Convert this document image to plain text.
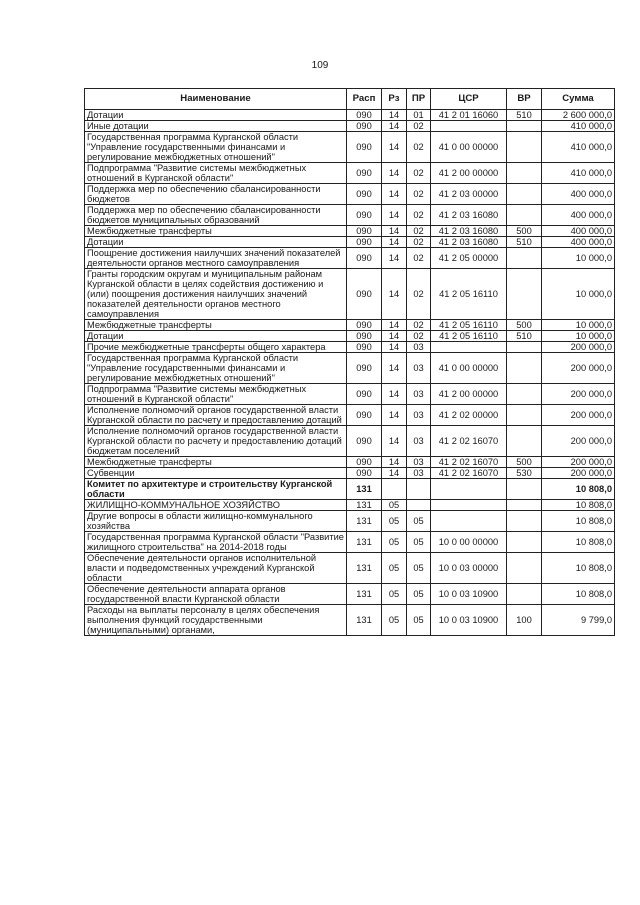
109
Наименование	Расп	Рз	ПР	ЦСР	ВР	Сумма
Дотации	090	14	01	41 2 01 16060	510	2 600 000,0
Иные дотации	090	14	02			410 000,0
Государственная программа Курганской области "Управление государственными финансами и регулирование межбюджетных отношений"	090	14	02	41 0 00 00000		410 000,0
Подпрограмма "Развитие системы межбюджетных отношений в Курганской области"	090	14	02	41 2 00 00000		410 000,0
Поддержка мер по обеспечению сбалансированности бюджетов	090	14	02	41 2 03 00000		400 000,0
Поддержка мер по обеспечению сбалансированности бюджетов муниципальных образований	090	14	02	41 2 03 16080		400 000,0
Межбюджетные трансферты	090	14	02	41 2 03 16080	500	400 000,0
Дотации	090	14	02	41 2 03 16080	510	400 000,0
Поощрение достижения наилучших значений показателей деятельности органов местного самоуправления	090	14	02	41 2 05 00000		10 000,0
Гранты городским округам и муниципальным районам Курганской области в целях содействия достижению и (или) поощрения достижения наилучших значений показателей деятельности органов местного самоуправления	090	14	02	41 2 05 16110		10 000,0
Межбюджетные трансферты	090	14	02	41 2 05 16110	500	10 000,0
Дотации	090	14	02	41 2 05 16110	510	10 000,0
Прочие межбюджетные трансферты общего характера	090	14	03			200 000,0
Государственная программа Курганской области "Управление государственными финансами и регулирование межбюджетных отношений"	090	14	03	41 0 00 00000		200 000,0
Подпрограмма "Развитие системы межбюджетных отношений в Курганской области"	090	14	03	41 2 00 00000		200 000,0
Исполнение полномочий органов государственной власти Курганской области по расчету и предоставлению дотаций	090	14	03	41 2 02 00000		200 000,0
Исполнение полномочий органов государственной власти Курганской области по расчету и предоставлению дотаций бюджетам поселений	090	14	03	41 2 02 16070		200 000,0
Межбюджетные трансферты	090	14	03	41 2 02 16070	500	200 000,0
Субвенции	090	14	03	41 2 02 16070	530	200 000,0
Комитет по архитектуре и строительству Курганской области	131					10 808,0
ЖИЛИЩНО-КОММУНАЛЬНОЕ ХОЗЯЙСТВО	131	05				10 808,0
Другие вопросы в области жилищно-коммунального хозяйства	131	05	05			10 808,0
Государственная программа Курганской области "Развитие жилищного строительства" на 2014-2018 годы	131	05	05	10 0 00 00000		10 808,0
Обеспечение деятельности органов исполнительной власти и подведомственных учреждений Курганской области	131	05	05	10 0 03 00000		10 808,0
Обеспечение деятельности аппарата органов государственной власти Курганской области	131	05	05	10 0 03 10900		10 808,0
Расходы на выплаты персоналу в целях обеспечения выполнения функций государственными (муниципальными) органами,	131	05	05	10 0 03 10900	100	9 799,0
